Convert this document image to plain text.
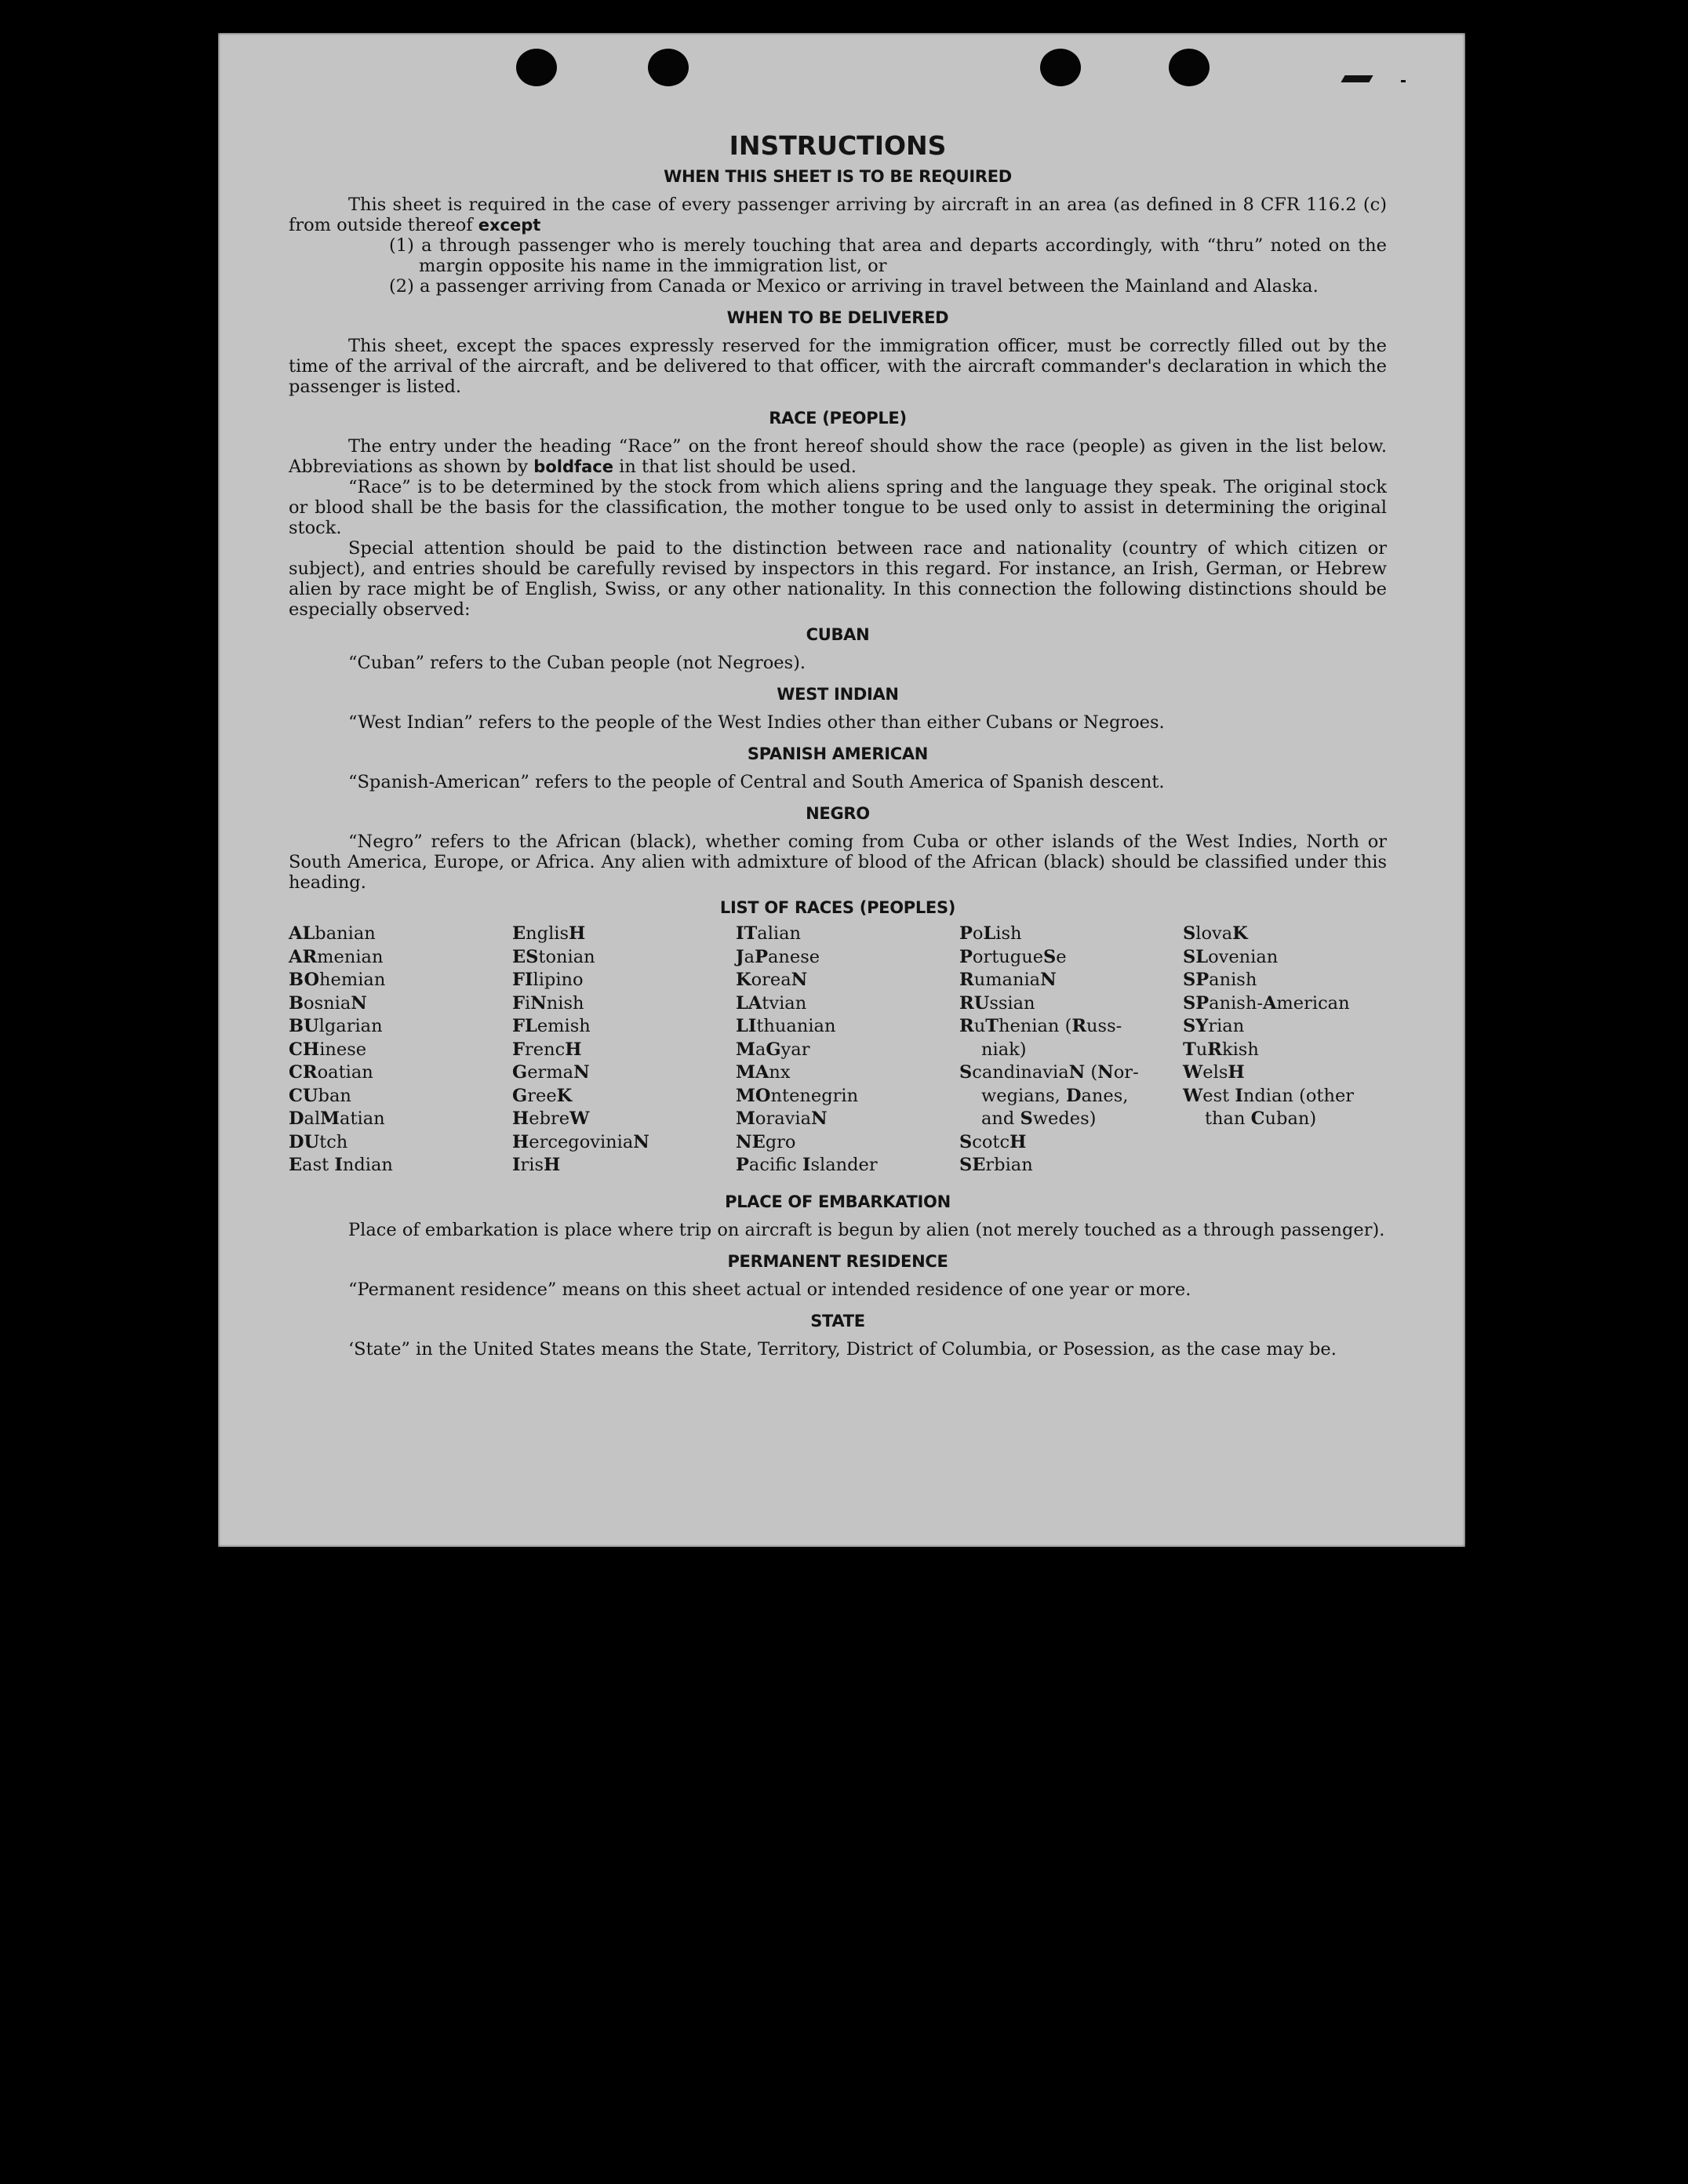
INSTRUCTIONS
WHEN THIS SHEET IS TO BE REQUIRED

This sheet is required in the case of every passenger arriving by aircraft in an area (as defined in 8 CFR 116.2 (c) from outside thereof except

(1) a through passenger who is merely touching that area and departs accordingly, with “thru” noted on the margin opposite his name in the immigration list, or
(2) a passenger arriving from Canada or Mexico or arriving in travel between the Mainland and Alaska.
WHEN TO BE DELIVERED

This sheet, except the spaces expressly reserved for the immigration officer, must be correctly filled out by the time of the arrival of the aircraft, and be delivered to that officer, with the aircraft commander's declaration in which the passenger is listed.

RACE (PEOPLE)

The entry under the heading “Race” on the front hereof should show the race (people) as given in the list below. Abbreviations as shown by boldface in that list should be used.

“Race” is to be determined by the stock from which aliens spring and the language they speak. The original stock or blood shall be the basis for the classification, the mother tongue to be used only to assist in determining the original stock.

Special attention should be paid to the distinction between race and nationality (country of which citizen or subject), and entries should be carefully revised by inspectors in this regard. For instance, an Irish, German, or Hebrew alien by race might be of English, Swiss, or any other nationality. In this connection the following distinctions should be especially observed:

CUBAN

“Cuban” refers to the Cuban people (not Negroes).

WEST INDIAN

“West Indian” refers to the people of the West Indies other than either Cubans or Negroes.

SPANISH AMERICAN

“Spanish-American” refers to the people of Central and South America of Spanish descent.

NEGRO

“Negro” refers to the African (black), whether coming from Cuba or other islands of the West Indies, North or South America, Europe, or Africa. Any alien with admixture of blood of the African (black) should be classified under this heading.

LIST OF RACES (PEOPLES)
ALbanian
ARmenian
BOhemian
BosniaN
BUlgarian
CHinese
CRoatian
CUban
DalMatian
DUtch
East Indian
EnglisH
EStonian
FIlipino
FiNnish
FLemish
FrencH
GermaN
GreeK
HebreW
HercegoviniaN
IrisH
ITalian
JaPanese
KoreaN
LAtvian
LIthuanian
MaGyar
MAnx
MOntenegrin
MoraviaN
NEgro
Pacifc Islander
PoLish
PortugueSe
RumaniaN
RUssian
RuThenian (Russ-
niak)
ScandinaviaN (Nor-
wegians, Danes,
and Swedes)
ScotcH
SErbian
SlovaK
SLovenian
SPanish
SPanish-American
SYrian
TuRkish
WelsH
West Indian (other
than Cuban)
PLACE OF EMBARKATION

Place of embarkation is place where trip on aircraft is begun by alien (not merely touched as a through passenger).

PERMANENT RESIDENCE

“Permanent residence” means on this sheet actual or intended residence of one year or more.

STATE

‘State” in the United States means the State, Territory, District of Columbia, or Posession, as the case may be.
